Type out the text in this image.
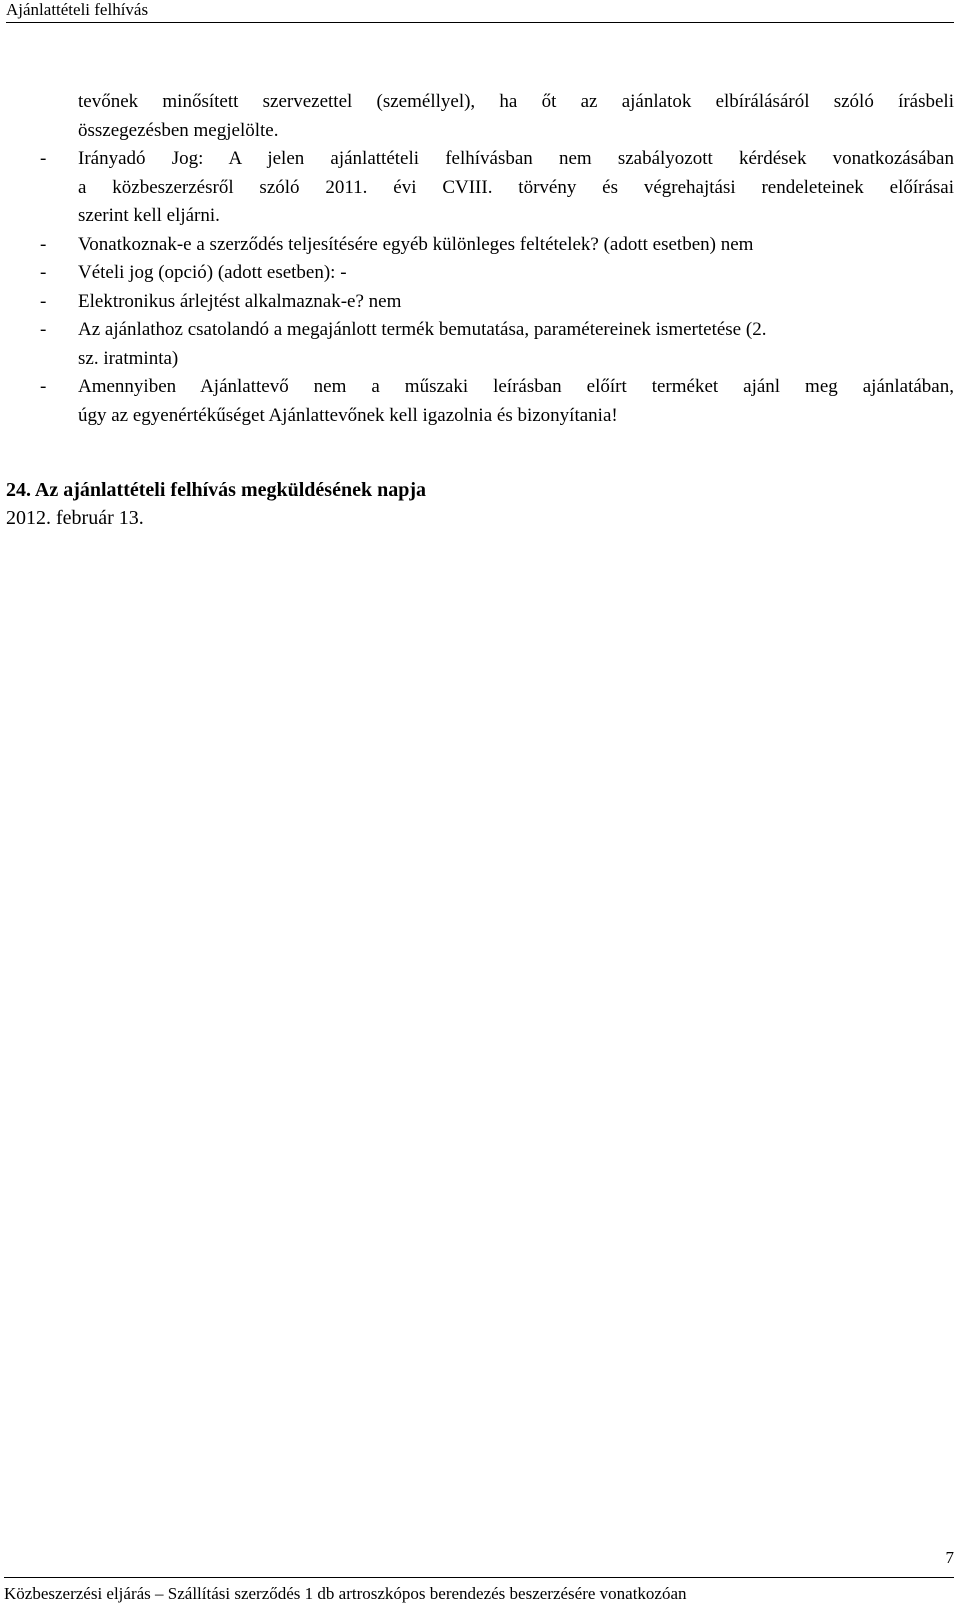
Ajánlattételi felhívás
tevőnek minősített szervezettel (személlyel), ha őt az ajánlatok elbírálásáról szóló írásbeli
összegezésben megjelölte.
- Irányadó Jog: A jelen ajánlattételi felhívásban nem szabályozott kérdések vonatkozásában
a közbeszerzésről szóló 2011. évi CVIII. törvény és végrehajtási rendeleteinek előírásai
szerint kell eljárni.
- Vonatkoznak-e a szerződés teljesítésére egyéb különleges feltételek? (adott esetben) nem
- Vételi jog (opció) (adott esetben): -
- Elektronikus árlejtést alkalmaznak-e? nem
- Az ajánlathoz csatolandó a megajánlott termék bemutatása, paramétereinek ismertetése (2.
sz. iratminta)
- Amennyiben Ajánlattevő nem a műszaki leírásban előírt terméket ajánl meg ajánlatában,
úgy az egyenértékűséget Ajánlattevőnek kell igazolnia és bizonyítania!
24. Az ajánlattételi felhívás megküldésének napja
2012. február 13.
7
Közbeszerzési eljárás – Szállítási szerződés 1 db artroszkópos berendezés beszerzésére vonatkozóan
